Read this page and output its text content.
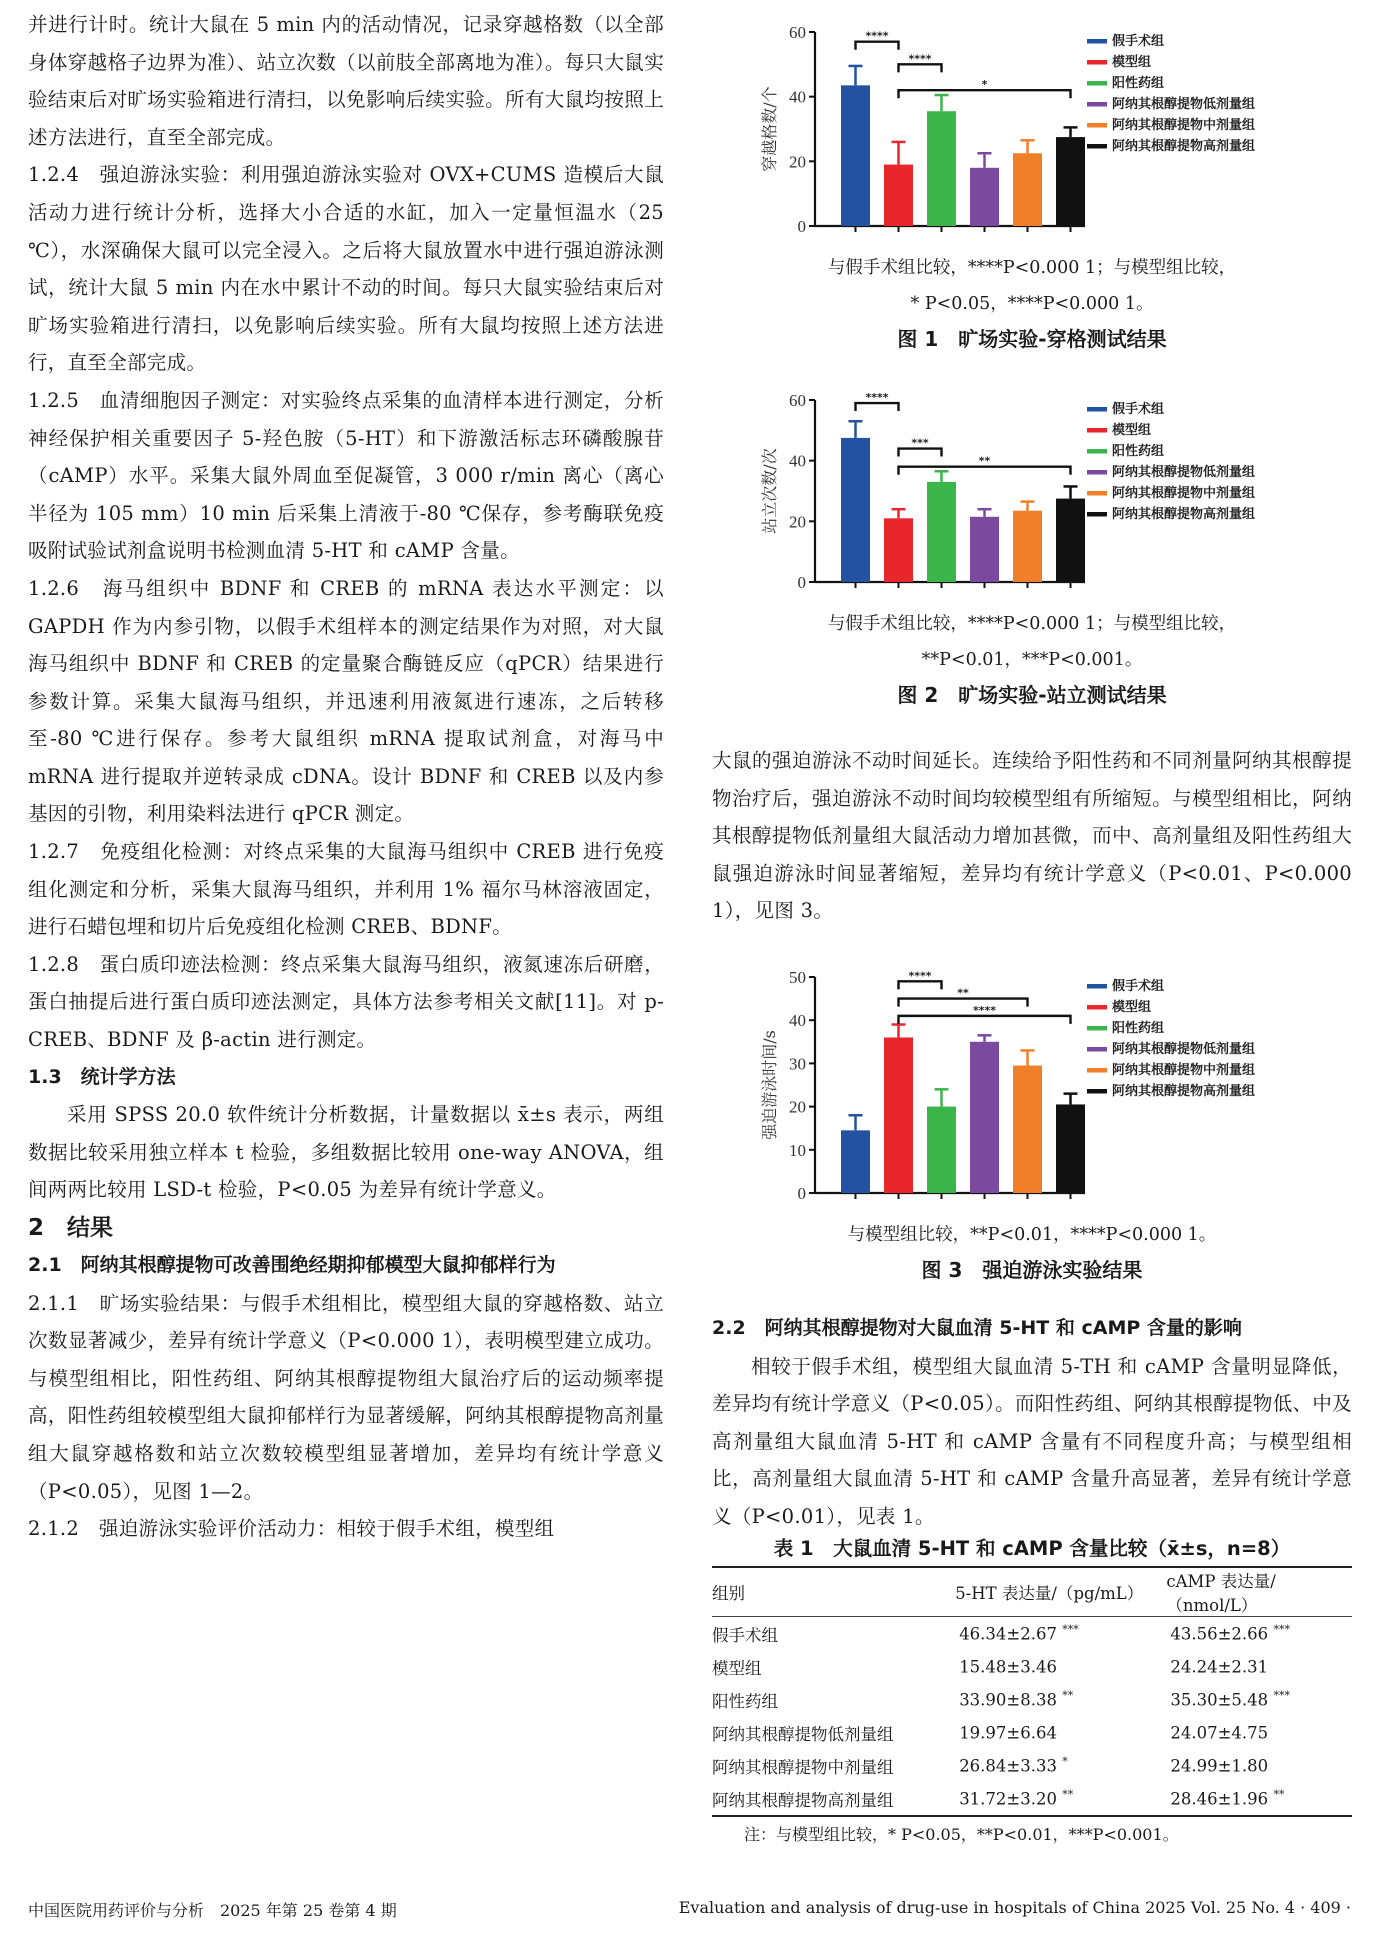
并进行计时。统计大鼠在 5 min 内的活动情况，记录穿越格数（以全部身体穿越格子边界为准）、站立次数（以前肢全部离地为准）。每只大鼠实验结束后对旷场实验箱进行清扫，以免影响后续实验。所有大鼠均按照上述方法进行，直至全部完成。

1.2.4　强迫游泳实验：利用强迫游泳实验对 OVX+CUMS 造模后大鼠活动力进行统计分析，选择大小合适的水缸，加入一定量恒温水（25 ℃），水深确保大鼠可以完全浸入。之后将大鼠放置水中进行强迫游泳测试，统计大鼠 5 min 内在水中累计不动的时间。每只大鼠实验结束后对旷场实验箱进行清扫，以免影响后续实验。所有大鼠均按照上述方法进行，直至全部完成。

1.2.5　血清细胞因子测定：对实验终点采集的血清样本进行测定，分析神经保护相关重要因子 5-羟色胺（5-HT）和下游激活标志环磷酸腺苷（cAMP）水平。采集大鼠外周血至促凝管，3 000 r/min 离心（离心半径为 105 mm）10 min 后采集上清液于-80 ℃保存，参考酶联免疫吸附试验试剂盒说明书检测血清 5-HT 和 cAMP 含量。

1.2.6　海马组织中 BDNF 和 CREB 的 mRNA 表达水平测定：以 GAPDH 作为内参引物，以假手术组样本的测定结果作为对照，对大鼠海马组织中 BDNF 和 CREB 的定量聚合酶链反应（qPCR）结果进行参数计算。采集大鼠海马组织，并迅速利用液氮进行速冻，之后转移至-80 ℃进行保存。参考大鼠组织 mRNA 提取试剂盒，对海马中 mRNA 进行提取并逆转录成 cDNA。设计 BDNF 和 CREB 以及内参基因的引物，利用染料法进行 qPCR 测定。

1.2.7　免疫组化检测：对终点采集的大鼠海马组织中 CREB 进行免疫组化测定和分析，采集大鼠海马组织，并利用 1% 福尔马林溶液固定，进行石蜡包埋和切片后免疫组化检测 CREB、BDNF。

1.2.8　蛋白质印迹法检测：终点采集大鼠海马组织，液氮速冻后研磨，蛋白抽提后进行蛋白质印迹法测定，具体方法参考相关文献[11]。对 p-CREB、BDNF 及 β-actin 进行测定。

1.3　统计学方法

采用 SPSS 20.0 软件统计分析数据，计量数据以 x̄±s 表示，两组数据比较采用独立样本 t 检验，多组数据比较用 one-way ANOVA，组间两两比较用 LSD-t 检验，P<0.05 为差异有统计学意义。

2　结果

2.1　阿纳其根醇提物可改善围绝经期抑郁模型大鼠抑郁样行为

2.1.1　旷场实验结果：与假手术组相比，模型组大鼠的穿越格数、站立次数显著减少，差异有统计学意义（P<0.000 1），表明模型建立成功。与模型组相比，阳性药组、阿纳其根醇提物组大鼠治疗后的运动频率提高，阳性药组较模型组大鼠抑郁样行为显著缓解，阿纳其根醇提物高剂量组大鼠穿越格数和站立次数较模型组显著增加，差异均有统计学意义（P<0.05），见图 1—2。

2.1.2　强迫游泳实验评价活动力：相较于假手术组，模型组

0
20
40
60
穿越格数/个
****
****
*
假手术组
模型组
阳性药组
阿纳其根醇提物低剂量组
阿纳其根醇提物中剂量组
阿纳其根醇提物高剂量组

与假手术组比较，****P<0.000 1；与模型组比较，

* P<0.05，****P<0.000 1。

图 1　旷场实验-穿格测试结果

0
20
40
60
站立次数/次
****
***
**
假手术组
模型组
阳性药组
阿纳其根醇提物低剂量组
阿纳其根醇提物中剂量组
阿纳其根醇提物高剂量组

与假手术组比较，****P<0.000 1；与模型组比较，

**P<0.01，***P<0.001。

图 2　旷场实验-站立测试结果

大鼠的强迫游泳不动时间延长。连续给予阳性药和不同剂量阿纳其根醇提物治疗后，强迫游泳不动时间均较模型组有所缩短。与模型组相比，阿纳其根醇提物低剂量组大鼠活动力增加甚微，而中、高剂量组及阳性药组大鼠强迫游泳时间显著缩短，差异均有统计学意义（P<0.01、P<0.000 1），见图 3。

0
10
20
30
40
50
强迫游泳时间/s
****
**
****
假手术组
模型组
阳性药组
阿纳其根醇提物低剂量组
阿纳其根醇提物中剂量组
阿纳其根醇提物高剂量组

与模型组比较，**P<0.01，****P<0.000 1。

图 3　强迫游泳实验结果

2.2　阿纳其根醇提物对大鼠血清 5-HT 和 cAMP 含量的影响

相较于假手术组，模型组大鼠血清 5-TH 和 cAMP 含量明显降低，差异均有统计学意义（P<0.05）。而阳性药组、阿纳其根醇提物低、中及高剂量组大鼠血清 5-HT 和 cAMP 含量有不同程度升高；与模型组相比，高剂量组大鼠血清 5-HT 和 cAMP 含量升高显著，差异有统计学意义（P<0.01），见表 1。

表 1　大鼠血清 5-HT 和 cAMP 含量比较（x̄±s，n=8）

组别	5-HT 表达量/（pg/mL）	cAMP 表达量/（nmol/L）
假手术组	46.34±2.67 ***	43.56±2.66 ***
模型组	15.48±3.46	24.24±2.31
阳性药组	33.90±8.38 **	35.30±5.48 ***
阿纳其根醇提物低剂量组	19.97±6.64	24.07±4.75
阿纳其根醇提物中剂量组	26.84±3.33 *	24.99±1.80
阿纳其根醇提物高剂量组	31.72±3.20 **	28.46±1.96 **

注：与模型组比较，* P<0.05，**P<0.01，***P<0.001。

中国医院用药评价与分析　2025 年第 25 卷第 4 期	Evaluation and analysis of drug-use in hospitals of China 2025 Vol. 25 No. 4 · 409 ·
